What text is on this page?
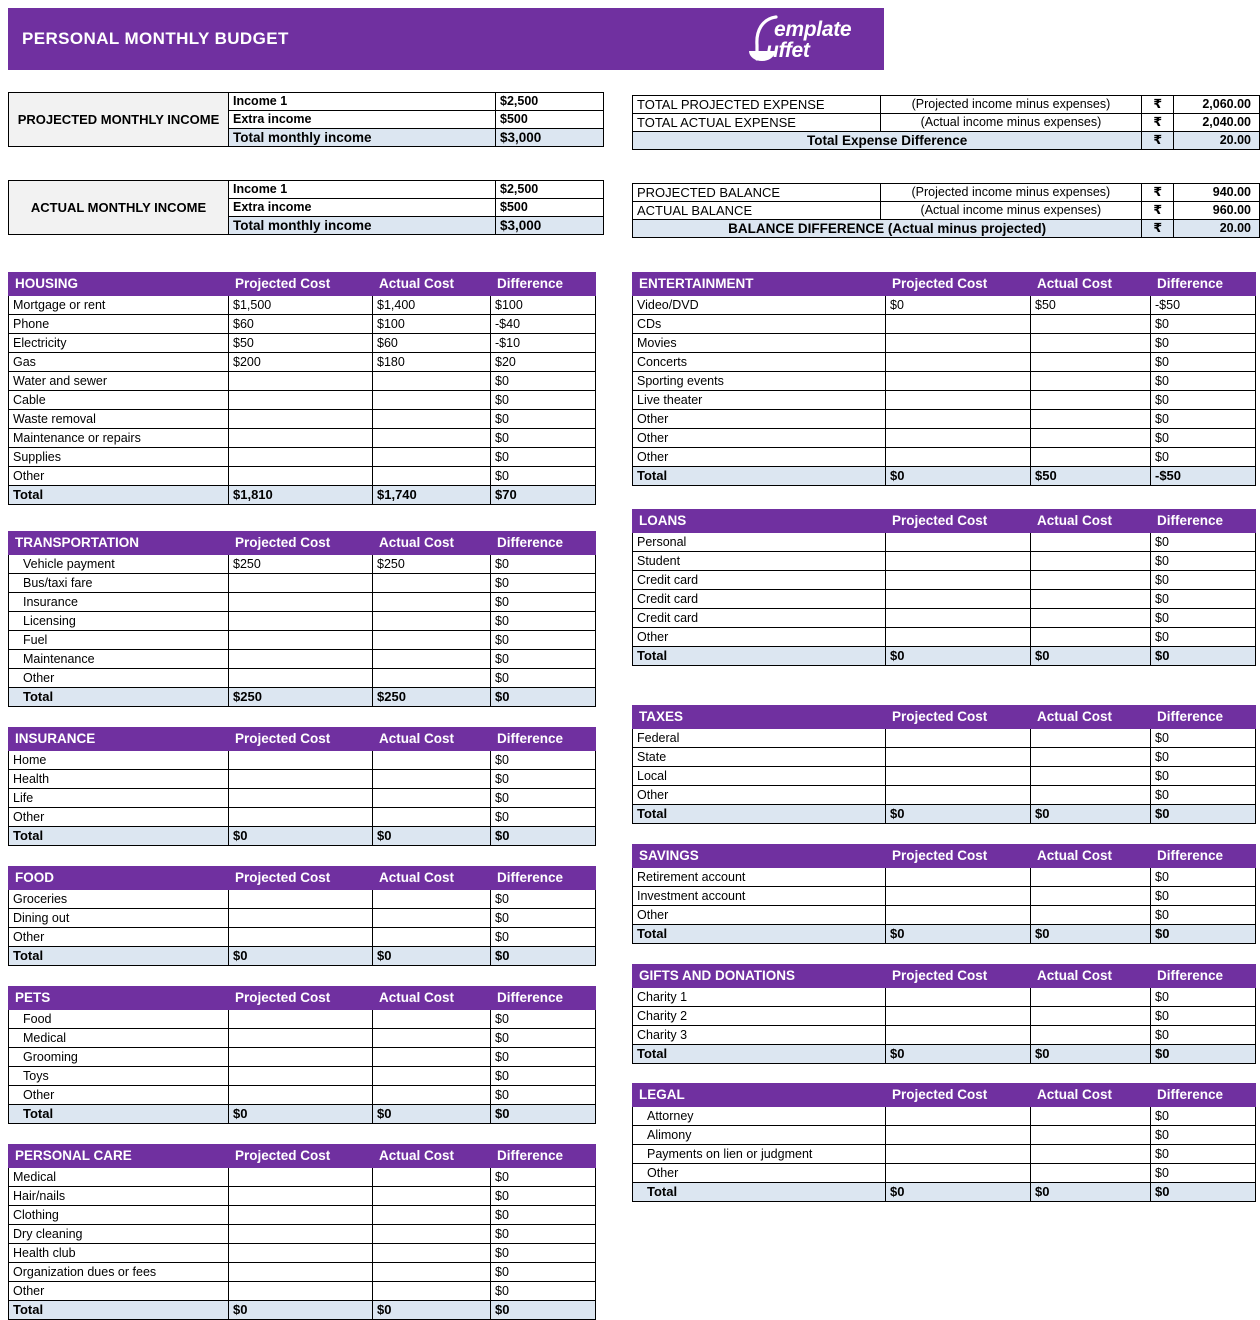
PERSONAL MONTHLY BUDGET	emplate
uffet
PROJECTED MONTHLY INCOME	Income 1	$2,500
	Extra income	$500
	Total monthly income	$3,000
ACTUAL MONTHLY INCOME	Income 1	$2,500
	Extra income	$500
	Total monthly income	$3,000
TOTAL PROJECTED EXPENSE	(Projected income minus expenses)	₹	2,060.00
TOTAL ACTUAL EXPENSE	(Actual income minus expenses)	₹	2,040.00
Total Expense Difference		₹	20.00
PROJECTED BALANCE	(Projected income minus expenses)	₹	940.00
ACTUAL BALANCE	(Actual income minus expenses)	₹	960.00
BALANCE DIFFERENCE (Actual minus projected)		₹	20.00
HOUSING	Projected Cost	Actual Cost	Difference
Mortgage or rent	$1,500	$1,400	$100
Phone	$60	$100	-$40
Electricity	$50	$60	-$10
Gas	$200	$180	$20
Water and sewer			$0
Cable			$0
Waste removal			$0
Maintenance or repairs			$0
Supplies			$0
Other			$0
Total	$1,810	$1,740	$70
TRANSPORTATION	Projected Cost	Actual Cost	Difference
Vehicle payment	$250	$250	$0
Bus/taxi fare			$0
Insurance			$0
Licensing			$0
Fuel			$0
Maintenance			$0
Other			$0
Total	$250	$250	$0
INSURANCE	Projected Cost	Actual Cost	Difference
Home			$0
Health			$0
Life			$0
Other			$0
Total	$0	$0	$0
FOOD	Projected Cost	Actual Cost	Difference
Groceries			$0
Dining out			$0
Other			$0
Total	$0	$0	$0
PETS	Projected Cost	Actual Cost	Difference
Food			$0
Medical			$0
Grooming			$0
Toys			$0
Other			$0
Total	$0	$0	$0
PERSONAL CARE	Projected Cost	Actual Cost	Difference
Medical			$0
Hair/nails			$0
Clothing			$0
Dry cleaning			$0
Health club			$0
Organization dues or fees			$0
Other			$0
Total	$0	$0	$0
ENTERTAINMENT	Projected Cost	Actual Cost	Difference
Video/DVD	$0	$50	-$50
CDs			$0
Movies			$0
Concerts			$0
Sporting events			$0
Live theater			$0
Other			$0
Other			$0
Other			$0
Total	$0	$50	-$50
LOANS	Projected Cost	Actual Cost	Difference
Personal			$0
Student			$0
Credit card			$0
Credit card			$0
Credit card			$0
Other			$0
Total	$0	$0	$0
TAXES	Projected Cost	Actual Cost	Difference
Federal			$0
State			$0
Local			$0
Other			$0
Total	$0	$0	$0
SAVINGS	Projected Cost	Actual Cost	Difference
Retirement account			$0
Investment account			$0
Other			$0
Total	$0	$0	$0
GIFTS AND DONATIONS	Projected Cost	Actual Cost	Difference
Charity 1			$0
Charity 2			$0
Charity 3			$0
Total	$0	$0	$0
LEGAL	Projected Cost	Actual Cost	Difference
Attorney			$0
Alimony			$0
Payments on lien or judgment			$0
Other			$0
Total	$0	$0	$0
